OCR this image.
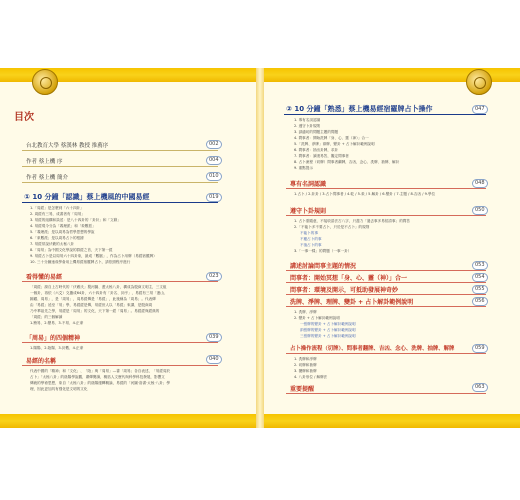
目次
台北教育大學 蔡漢林 教授 推薦序	002
作者 蔡上機 序	004
作者 蔡上機 簡介	010
① 10 分鐘「認識」蔡上機風的中國易經	019
1.「周經」是怎麼到「六十四卦」
2. 周經有三易，成書者有「周易」
3. 易經的組構和談述：是八十四卦的「卦卦」和「文辭」
4. 易經現今分為「義理派」和「象數派」
5.「義理派」是以周易為哲學思想的學說
6.「象數派」是以周易占卜的根據
7. 易經常說伏羲的太極八卦
8.「周易」為中國文化學說的群經之首，天下第一經
9. 易經占卜是以周易六十四卦象，最成「數賦」，作為占卜用牌（易經宿羅牌）
10. 三十分鐘速成學會用上機易經宿羅牌占卜，請依照程序進行
看得懂的易經	023
「周經」源自上古時代的「伏羲氏」製河圖、畫太極八卦，構成為殷商文明主，三文組
一個卦，再依（六爻）交疊成64卦，六十四卦有「卦名、卦序」，易經有三易「連山、
歸藏、周易」，是「周易」，周易經傳是「易經」，此後稱為「周易」。代表傳
由「易經」延至「易」學，易經經是傳，易經世人以「易經」來講，是殷商周
乃中華祖先之學，易經是「周易」的文化，天下第一經「周易」。易經經與經典的
「周經」的三個解讀
1.簡易、2.變易、3.不易、4.正命
「周易」的四個精神	039
1.陽陽、2.陰陽、3.卦數、4.正命
易經的名稱	040
代表中國的「精神」和「文化」、「陰」與「周易」—書「周易」各自表述，「易經周於
占卜」「太極八卦」的陰陽學說觀，廣傳閱讀，概括人文歷代與科學科技發展，影響文
傳統的學術思想，象自「太極八卦」的陰陽運轉概論，易經的「河圖‧洛書‧太極‧八卦」學
理，因此更加具有強化是文明的文化
② 10 分鐘「熟悉」蔡上機易經宿羅牌占卜操作	047
1. 專有名詞認識
2. 遵守卜卦規則
3. 請適切的問題主題的問題
4. 問事者：開始洗牌「身、心、靈（神）」合一
5.「洗牌、淨牌」兩牌，變卦 + 占卜解卦範例說明
6. 問事者：抽出卦牌，求卦
7. 問事者：讀淺易答，擬定問事者
8. 占卜流程（切牌）問事者翻牌，吉凶，念心、洗牌、抽牌、解卦
9. 重點提示
專有名詞認識	048
1.占卜 / 2.卦卦 / 3.占卜問事者 / 4.乾 / 5.象 / 5.解卦 / 6.變卦 / 7.主題 / 8.吉凶 / 9.學位
遵守卜卦規則	050
1. 占卜需隨意，不接收語法古八字，只盡力「過去事多易招清事」的問答
2.「不能卜多不要占卜，只於是不占卜」的規則
不能卜的事
不應占卜的事
不值占卜的事
3.「一事一樣」的問題（一事一卦）
講述討論問事主題的情況	053
問事者：開始冥想「身、心、靈（神）」合一	054
問事者：環境及開示，可抵助發展神奇妙	055
洗牌、淨牌、理牌、變卦 + 占卜解卦範例說明	056
1. 洗牌、淨牌
2. 變卦 + 占卜解卦範例說明
一張牌的變卦 + 占卜解卦範例說明
兩張牌的變卦 + 占卜解卦範例說明
三張牌的變卦 + 占卜解卦範例說明
占卜操作流程（切牌）、問事者翻牌、吉凶、念心、洗牌、抽牌、解牌	059
1. 洗牌和淨牌
2. 切牌和抽牌
3. 擺牌和抽牌
4. 八卦形位 / 解牌法
重要提醒	063
